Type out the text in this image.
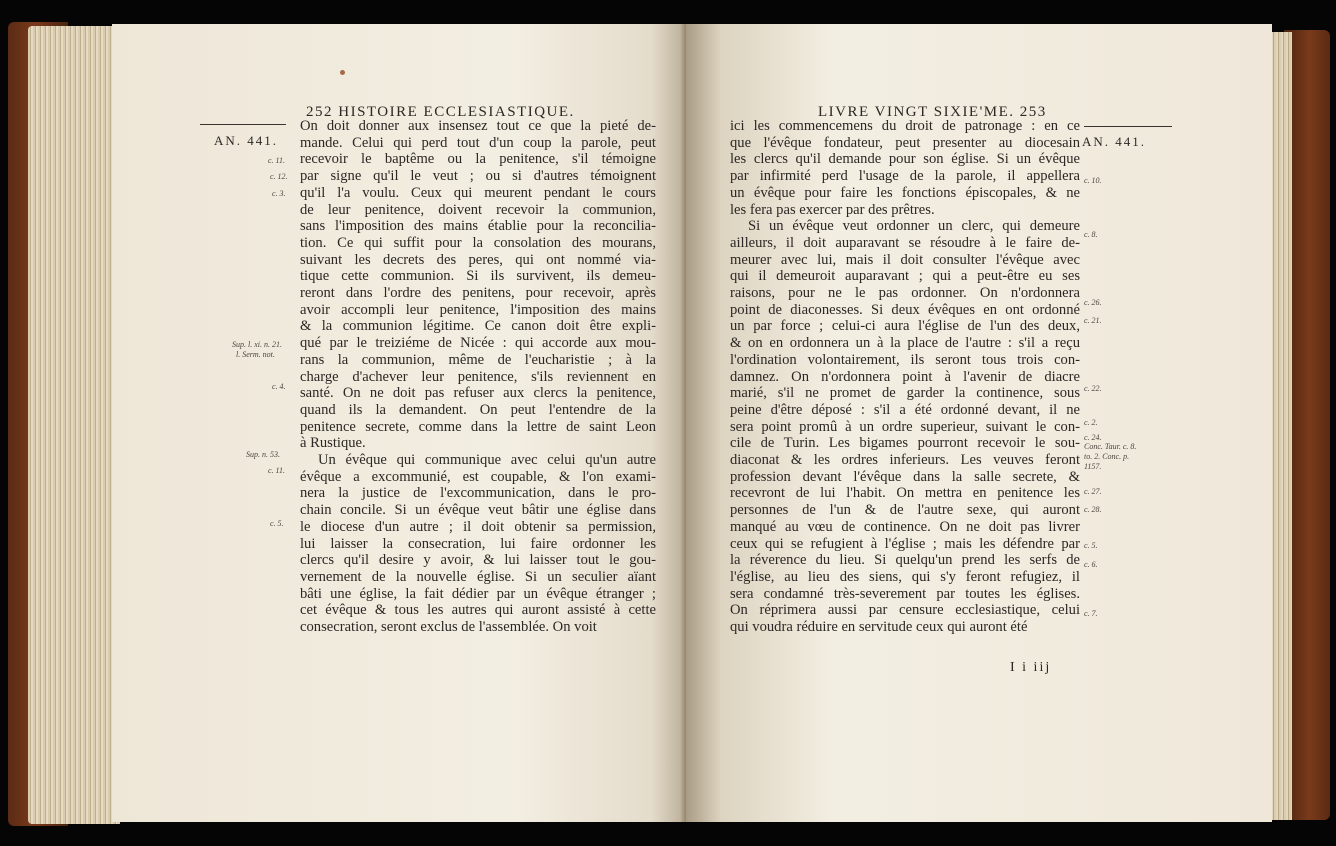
252 HISTOIRE ECCLESIASTIQUE.
AN. 441.
c. 11.
c. 12.
c. 3.
Sup. l. xi. n. 21.
l. Serm. not.
c. 4.
Sup. n. 53.
c. 11.
c. 5.

On doit donner aux insensez tout ce que la pieté de-

mande. Celui qui perd tout d'un coup la parole, peut

recevoir le baptême ou la penitence, s'il témoigne

par signe qu'il le veut ; ou si d'autres témoignent

qu'il l'a voulu. Ceux qui meurent pendant le cours

de leur penitence, doivent recevoir la communion,

sans l'imposition des mains établie pour la reconcilia-

tion. Ce qui suffit pour la consolation des mourans,

suivant les decrets des peres, qui ont nommé via-

tique cette communion. Si ils survivent, ils demeu-

reront dans l'ordre des penitens, pour recevoir, après

avoir accompli leur penitence, l'imposition des mains

& la communion légitime. Ce canon doit être expli-

qué par le treiziéme de Nicée : qui accorde aux mou-

rans la communion, même de l'eucharistie ; à la

charge d'achever leur penitence, s'ils reviennent en

santé. On ne doit pas refuser aux clercs la penitence,

quand ils la demandent. On peut l'entendre de la

penitence secrete, comme dans la lettre de saint Leon

à Rustique.

Un évêque qui communique avec celui qu'un autre

évêque a excommunié, est coupable, & l'on exami-

nera la justice de l'excommunication, dans le pro-

chain concile. Si un évêque veut bâtir une église dans

le diocese d'un autre ; il doit obtenir sa permission,

lui laisser la consecration, lui faire ordonner les

clercs qu'il desire y avoir, & lui laisser tout le gou-

vernement de la nouvelle église. Si un seculier aïant

bâti une église, la fait dédier par un évêque étranger ;

cet évêque & tous les autres qui auront assisté à cette

consecration, seront exclus de l'assemblée. On voit

LIVRE VINGT SIXIE'ME. 253
AN. 441.
c. 10.
c. 8.
c. 26.
c. 21.
c. 22.
c. 2.
c. 24.
Conc. Taur. c. 8.
to. 2. Conc. p.
1157.
c. 27.
c. 28.
c. 5.
c. 6.
c. 7.

ici les commencemens du droit de patronage : en ce

que l'évêque fondateur, peut presenter au diocesain

les clercs qu'il demande pour son église. Si un évêque

par infirmité perd l'usage de la parole, il appellera

un évêque pour faire les fonctions épiscopales, & ne

les fera pas exercer par des prêtres.

Si un évêque veut ordonner un clerc, qui demeure

ailleurs, il doit auparavant se résoudre à le faire de-

meurer avec lui, mais il doit consulter l'évêque avec

qui il demeuroit auparavant ; qui a peut-être eu ses

raisons, pour ne le pas ordonner. On n'ordonnera

point de diaconesses. Si deux évêques en ont ordonné

un par force ; celui-ci aura l'église de l'un des deux,

& on en ordonnera un à la place de l'autre : s'il a reçu

l'ordination volontairement, ils seront tous trois con-

damnez. On n'ordonnera point à l'avenir de diacre

marié, s'il ne promet de garder la continence, sous

peine d'être déposé : s'il a été ordonné devant, il ne

sera point promû à un ordre superieur, suivant le con-

cile de Turin. Les bigames pourront recevoir le sou-

diaconat & les ordres inferieurs. Les veuves feront

profession devant l'évêque dans la salle secrete, &

recevront de lui l'habit. On mettra en penitence les

personnes de l'un & de l'autre sexe, qui auront

manqué au vœu de continence. On ne doit pas livrer

ceux qui se refugient à l'église ; mais les défendre par

la réverence du lieu. Si quelqu'un prend les serfs de

l'église, au lieu des siens, qui s'y feront refugiez, il

sera condamné très-severement par toutes les églises.

On réprimera aussi par censure ecclesiastique, celui

qui voudra réduire en servitude ceux qui auront été

I i iij
